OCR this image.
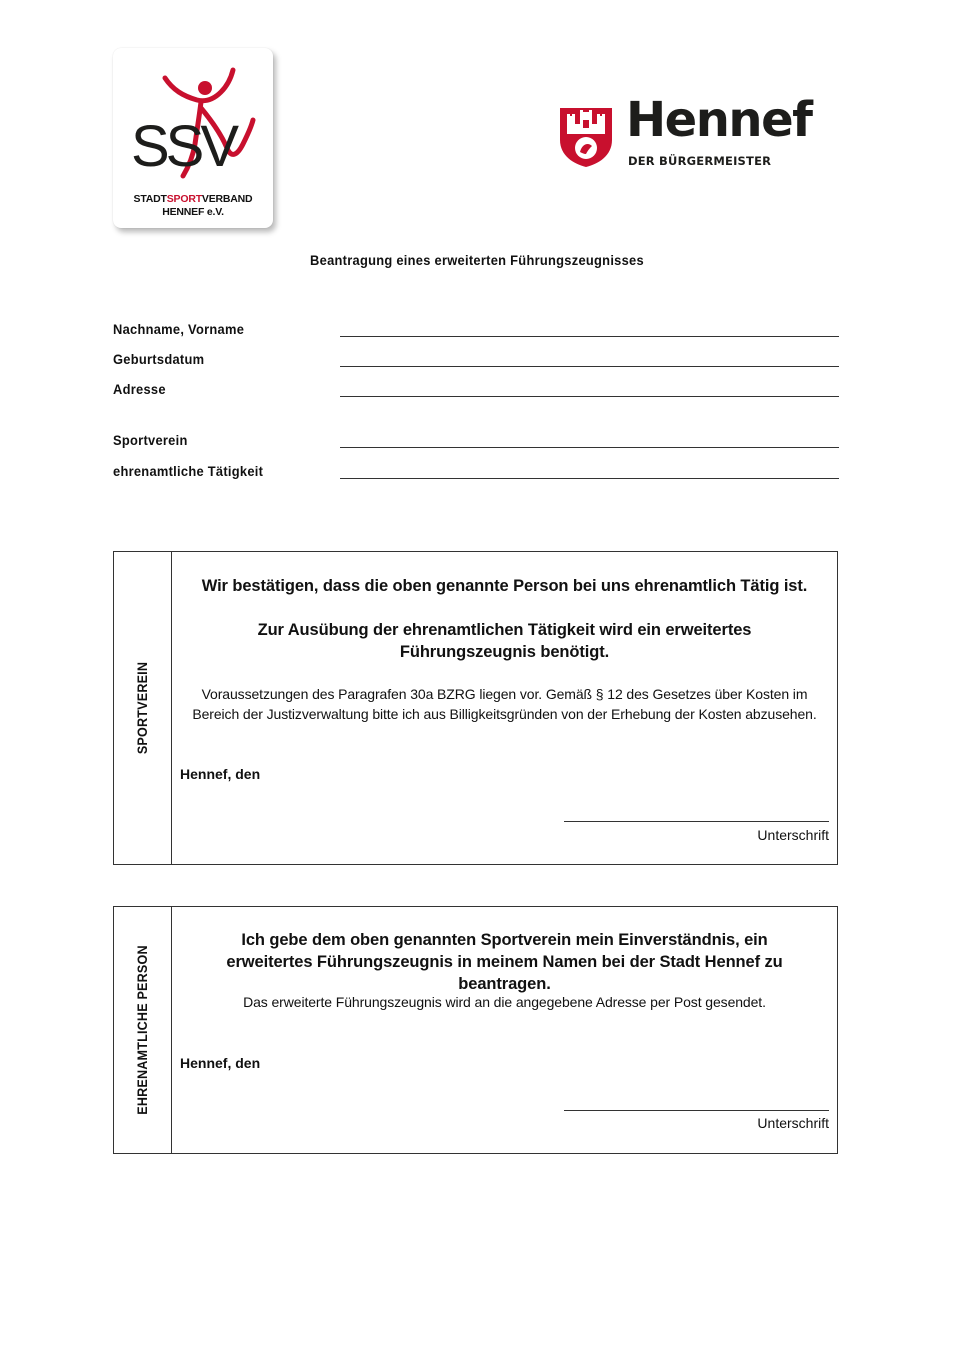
SSV
STADTSPORTVERBAND
HENNEF e.V.
Hennef
DER BÜRGERMEISTER
Beantragung eines erweiterten Führungszeugnisses
Nachname, Vorname
Geburtsdatum
Adresse
Sportverein
ehrenamtliche Tätigkeit
SPORTVEREIN
Wir bestätigen, dass die oben genannte Person bei uns ehrenamtlich Tätig ist.
Zur Ausübung der ehrenamtlichen Tätigkeit wird ein erweitertes Führungszeugnis benötigt.
Voraussetzungen des Paragrafen 30a BZRG liegen vor. Gemäß § 12 des Gesetzes über Kosten im Bereich der Justizverwaltung bitte ich aus Billigkeitsgründen von der Erhebung der Kosten abzusehen.
Hennef, den
Unterschrift
EHRENAMTLICHE PERSON
Ich gebe dem oben genannten Sportverein mein Einverständnis, ein erweitertes Führungszeugnis in meinem Namen bei der Stadt Hennef zu beantragen.
Das erweiterte Führungszeugnis wird an die angegebene Adresse per Post gesendet.
Hennef, den
Unterschrift
